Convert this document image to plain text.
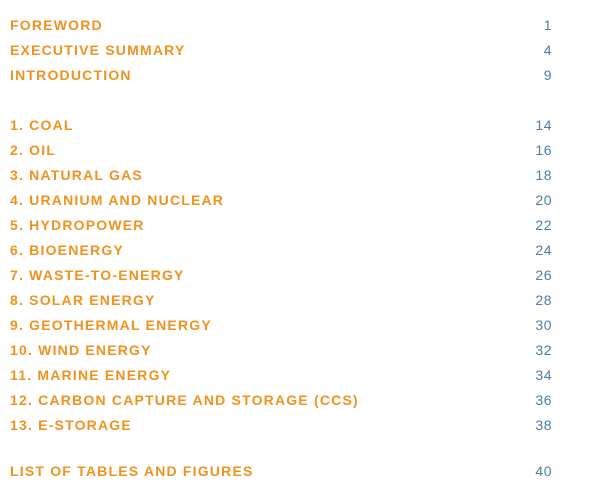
FOREWORD	1
EXECUTIVE SUMMARY	4
INTRODUCTION	9
1. COAL	14
2. OIL	16
3. NATURAL GAS	18
4. URANIUM AND NUCLEAR	20
5. HYDROPOWER	22
6. BIOENERGY	24
7. WASTE-TO-ENERGY	26
8. SOLAR ENERGY	28
9. GEOTHERMAL ENERGY	30
10. WIND ENERGY	32
11. MARINE ENERGY	34
12. CARBON CAPTURE AND STORAGE (CCS)	36
13. E-STORAGE	38
LIST OF TABLES AND FIGURES	40
